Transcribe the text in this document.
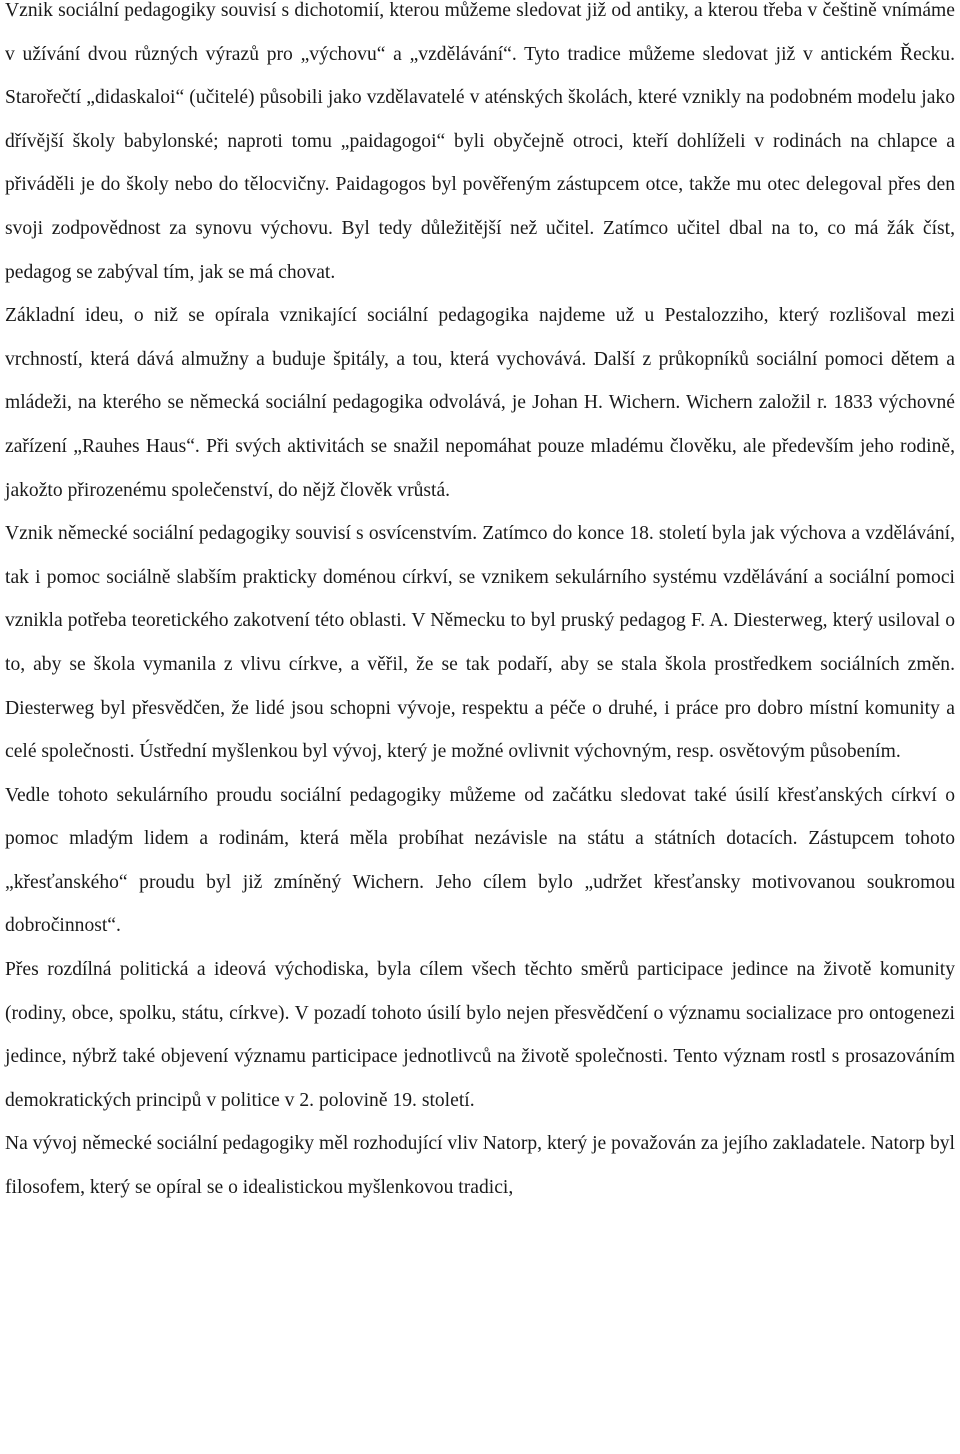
Vznik sociální pedagogiky souvisí s dichotomií, kterou můžeme sledovat již od antiky, a kterou třeba v češtině vnímáme v užívání dvou různých výrazů pro „výchovu“ a „vzdělávání“. Tyto tradice můžeme sledovat již v antickém Řecku. Starořečtí „didaskaloi“ (učitelé) působili jako vzdělavatelé v aténských školách, které vznikly na podobném modelu jako dřívější školy babylonské; naproti tomu „paidagogoi“ byli obyčejně otroci, kteří dohlíželi v rodinách na chlapce a přiváděli je do školy nebo do tělocvičny. Paidagogos byl pověřeným zástupcem otce, takže mu otec delegoval přes den svoji zodpovědnost za synovu výchovu. Byl tedy důležitější než učitel. Zatímco učitel dbal na to, co má žák číst, pedagog se zabýval tím, jak se má chovat.

Základní ideu, o niž se opírala vznikající sociální pedagogika najdeme už u Pestalozziho, který rozlišoval mezi vrchností, která dává almužny a buduje špitály, a tou, která vychovává. Další z průkopníků sociální pomoci dětem a mládeži, na kterého se německá sociální pedagogika odvolává, je Johan H. Wichern. Wichern založil r. 1833 výchovné zařízení „Rauhes Haus“. Při svých aktivitách se snažil nepomáhat pouze mladému člověku, ale především jeho rodině, jakožto přirozenému společenství, do nějž člověk vrůstá.

Vznik německé sociální pedagogiky souvisí s osvícenstvím. Zatímco do konce 18. století byla jak výchova a vzdělávání, tak i pomoc sociálně slabším prakticky doménou církví, se vznikem sekulárního systému vzdělávání a sociální pomoci vznikla potřeba teoretického zakotvení této oblasti. V Německu to byl pruský pedagog F. A. Diesterweg, který usiloval o to, aby se škola vymanila z vlivu církve, a věřil, že se tak podaří, aby se stala škola prostředkem sociálních změn. Diesterweg byl přesvědčen, že lidé jsou schopni vývoje, respektu a péče o druhé, i práce pro dobro místní komunity a celé společnosti. Ústřední myšlenkou byl vývoj, který je možné ovlivnit výchovným, resp. osvětovým působením.

Vedle tohoto sekulárního proudu sociální pedagogiky můžeme od začátku sledovat také úsilí křesťanských církví o pomoc mladým lidem a rodinám, která měla probíhat nezávisle na státu a státních dotacích. Zástupcem tohoto „křesťanského“ proudu byl již zmíněný Wichern. Jeho cílem bylo „udržet křesťansky motivovanou soukromou dobročinnost“.

Přes rozdílná politická a ideová východiska, byla cílem všech těchto směrů participace jedince na životě komunity (rodiny, obce, spolku, státu, církve). V pozadí tohoto úsilí bylo nejen přesvědčení o významu socializace pro ontogenezi jedince, nýbrž také objevení významu participace jednotlivců na životě společnosti. Tento význam rostl s prosazováním demokratických principů v politice v 2. polovině 19. století.

Na vývoj německé sociální pedagogiky měl rozhodující vliv Natorp, který je považován za jejího zakladatele. Natorp byl filosofem, který se opíral se o idealistickou myšlenkovou tradici,
